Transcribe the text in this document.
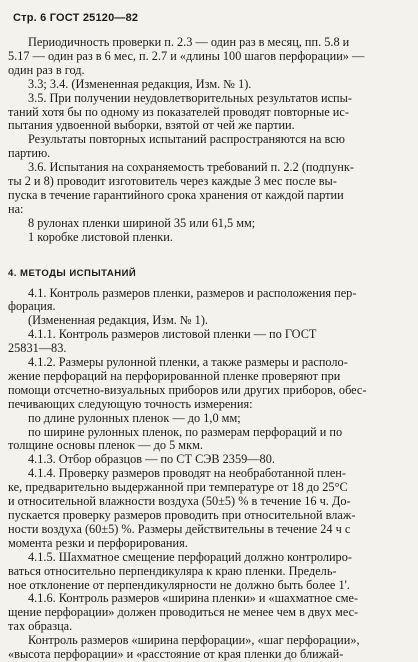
Стр. 6 ГОСТ 25120—82

Периодичность проверки п. 2.3 — один раз в месяц, пп. 5.8 и
5.17 — один раз в 6 мес, п. 2.7 и «длины 100 шагов перфорации» —
один раз в год.

3.3; 3.4. (Измененная редакция, Изм. № 1).

3.5. При получении неудовлетворительных результатов испы-
таний хотя бы по одному из показателей проводят повторные ис-
пытания удвоенной выборки, взятой от чей же партии.

Результаты повторных испытаний распространяются на всю
партию.

3.6. Испытания на сохраняемость требований п. 2.2 (подпунк-
ты 2 и 8) проводит изготовитель через каждые 3 мес после вы-
пуска в течение гарантийного срока хранения от каждой партии
на:

8 рулонах пленки шириной 35 или 61,5 мм;

1 коробке листовой пленки.

4. МЕТОДЫ ИСПЫТАНИЙ

4.1. Контроль размеров пленки, размеров и расположения пер-
форация.

(Измененная редакция, Изм. № 1).

4.1.1. Контроль размеров листовой пленки — по ГОСТ
25831—83.

4.1.2. Размеры рулонной пленки, а также размеры и располо-
жение перфораций на перфорированной пленке проверяют при
помощи отсчетно-визуальных приборов или других приборов, обес-
печивающих следующую точность измерения:

по длине рулонных пленок — до 1,0 мм;

по ширине рулонных пленок, по размерам перфораций и по
толщине основы пленок — до 5 мкм.

4.1.3. Отбор образцов — по СТ СЭВ 2359—80.

4.1.4. Проверку размеров проводят на необработанной плен-
ке, предварительно выдержанной при температуре от 18 до 25°С
и относительной влажности воздуха (50±5) % в течение 16 ч. До-
пускается проверку размеров проводить при относительной влаж-
ности воздуха (60±5) %. Размеры действительны в течение 24 ч с
момента резки и перфорирования.

4.1.5. Шахматное смещение перфораций должно контролиро-
ваться относительно перпендикуляра к краю пленки. Предель-
ное отклонение от перпендикулярности не должно быть более 1'.

4.1.6. Контроль размеров «ширина пленки» и «шахматное сме-
щение перфорации» должен проводиться не менее чем в двух мес-
тах образца.

Контроль размеров «ширина перфорации», «шаг перфорации»,
«высота перфорации» и «расстояние от края пленки до ближай-
